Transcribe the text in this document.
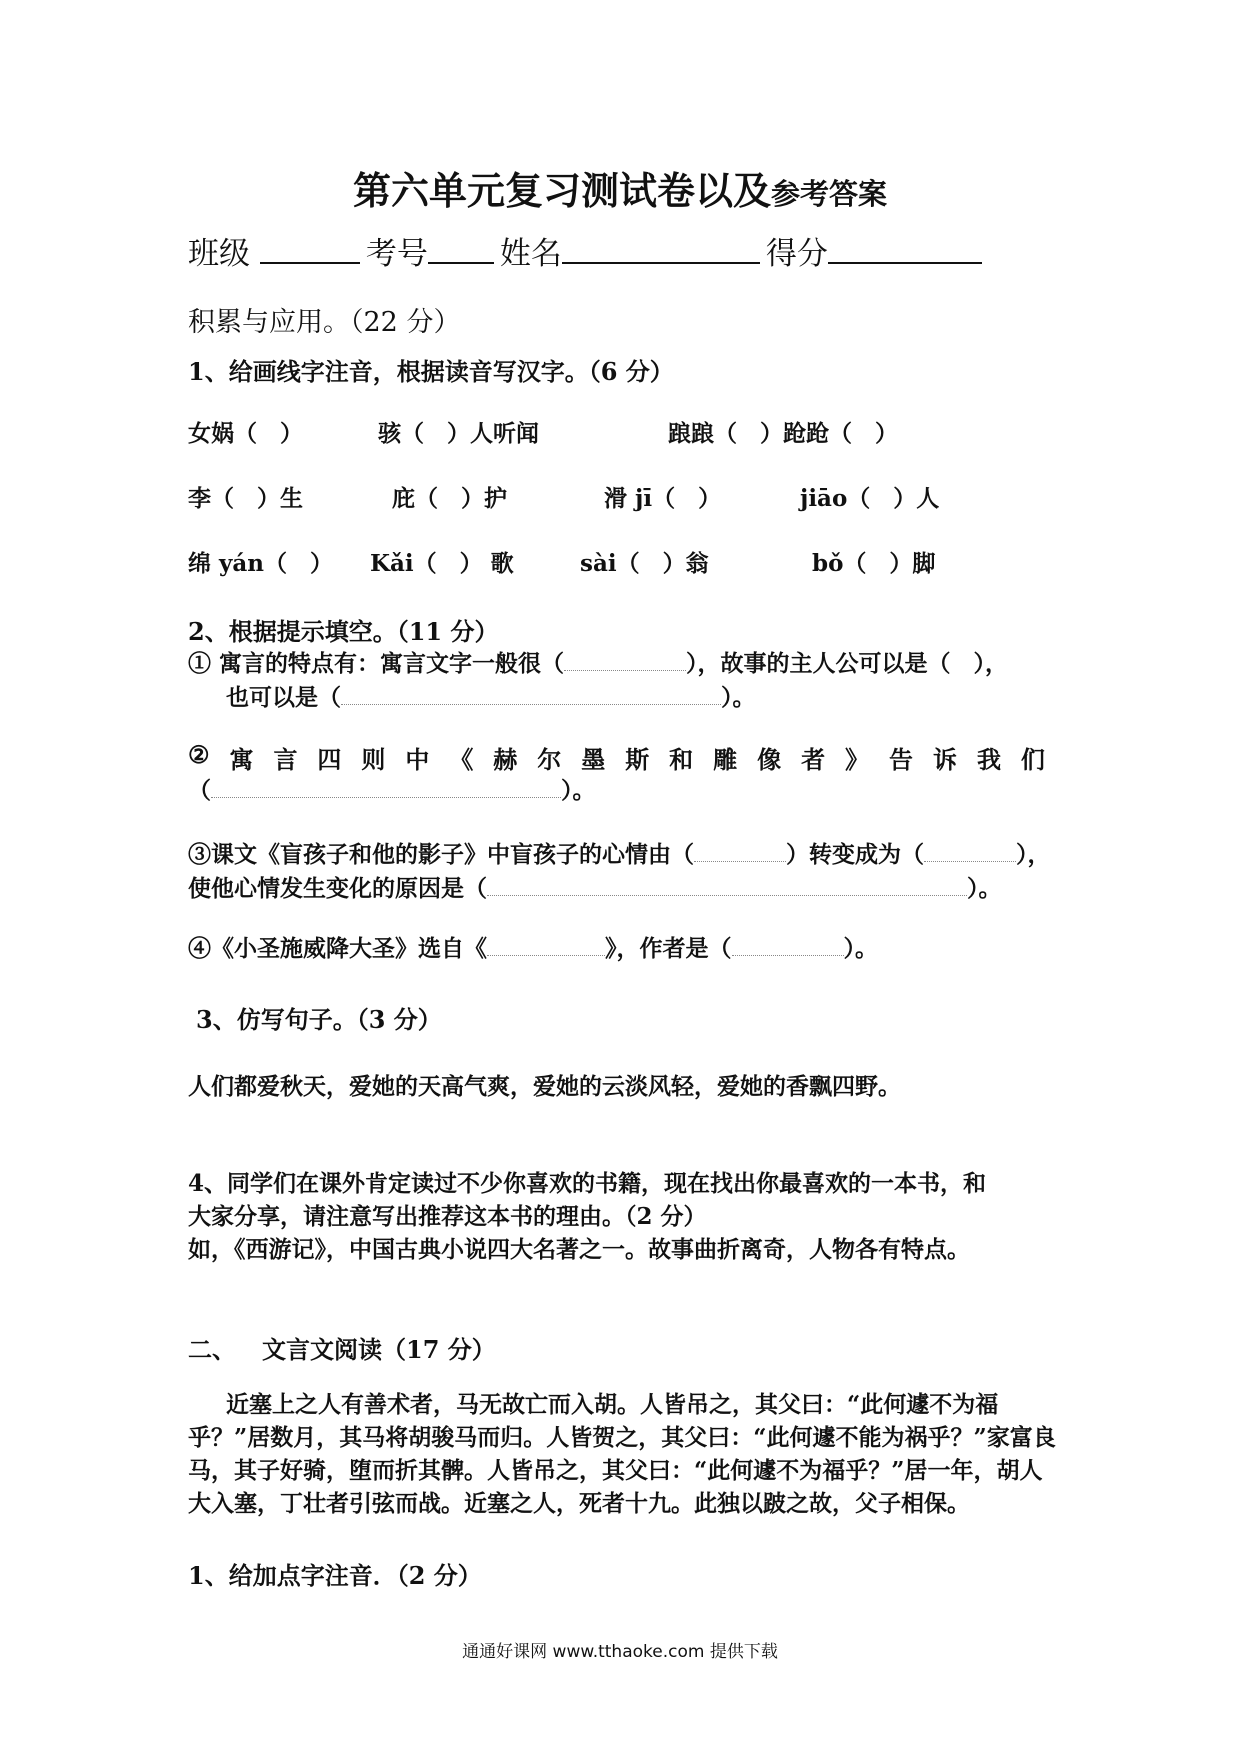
第六单元复习测试卷以及参考答案
班级	考号 姓名	得分
积累与应用。（22 分）
1、给画线字注音，根据读音写汉字。（6 分）
女娲（　）	骇（　）人听闻	踉踉（　）跄跄（　）
李（　）生	庇（　）护	滑 jī（　）	jiāo（　）人
绵 yán（　） Kǎi（　） 歌	sài（　）翁	bǒ（　）脚
2、根据提示填空。（11 分）
① 寓言的特点有：寓言文字一般很（	），故事的主人公可以是（　），
也可以是（	）。
② 寓 言 四 则 中 《 赫 尔 墨 斯 和 雕 像 者 》 告 诉 我 们
（	）。
③课文《盲孩子和他的影子》中盲孩子的心情由（	）转变成为（	），
使他心情发生变化的原因是（	）。
④《小圣施威降大圣》选自《	》，作者是（	）。
3、仿写句子。（3 分）
人们都爱秋天，爱她的天高气爽，爱她的云淡风轻，爱她的香飘四野。
4、同学们在课外肯定读过不少你喜欢的书籍，现在找出你最喜欢的一本书，和
大家分享，请注意写出推荐这本书的理由。（2 分）
如，《西游记》，中国古典小说四大名著之一。故事曲折离奇，人物各有特点。
二、 文言文阅读（17 分）
近塞上之人有善术者，马无故亡而入胡。人皆吊之，其父曰：“此何遽不为福乎？”居数月，其马将胡骏马而归。人皆贺之，其父曰：“此何遽不能为祸乎？”家富良马，其子好骑，堕而折其髀。人皆吊之，其父曰：“此何遽不为福乎？”居一年，胡人大入塞，丁壮者引弦而战。近塞之人，死者十九。此独以跛之故，父子相保。
1、给加点字注音．（2 分）
通通好课网 www.tthaoke.com 提供下载
